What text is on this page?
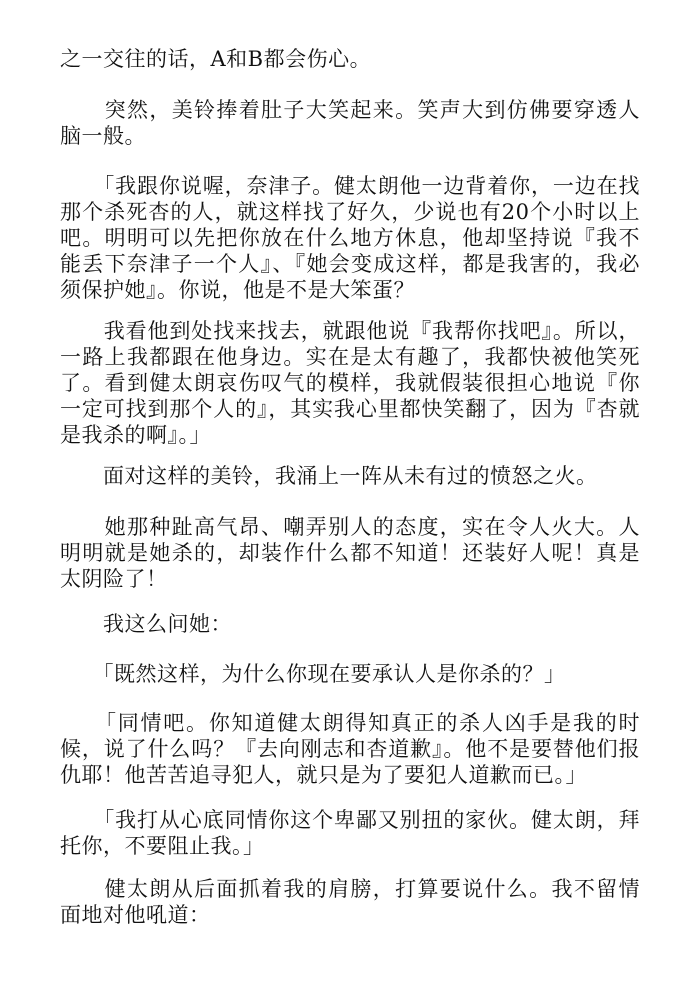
之一交往的话，A和B都会伤心。

　　突然，美铃捧着肚子大笑起来。笑声大到仿佛要穿透人脑一般。

　　「我跟你说喔，奈津子。健太朗他一边背着你，一边在找那个杀死杏的人，就这样找了好久，少说也有20个小时以上吧。明明可以先把你放在什么地方休息，他却坚持说『我不能丢下奈津子一个人』、『她会变成这样，都是我害的，我必须保护她』。你说，他是不是大笨蛋？

　　我看他到处找来找去，就跟他说『我帮你找吧』。所以，一路上我都跟在他身边。实在是太有趣了，我都快被他笑死了。看到健太朗哀伤叹气的模样，我就假装很担心地说『你一定可找到那个人的』，其实我心里都快笑翻了，因为『杏就是我杀的啊』。」

　　面对这样的美铃，我涌上一阵从未有过的愤怒之火。

　　她那种趾高气昂、嘲弄别人的态度，实在令人火大。人明明就是她杀的，却装作什么都不知道！还装好人呢！真是太阴险了！

　　我这么问她：

　　「既然这样，为什么你现在要承认人是你杀的？」

　　「同情吧。你知道健太朗得知真正的杀人凶手是我的时候，说了什么吗？『去向刚志和杏道歉』。他不是要替他们报仇耶！他苦苦追寻犯人，就只是为了要犯人道歉而已。」

　　「我打从心底同情你这个卑鄙又别扭的家伙。健太朗，拜托你，不要阻止我。」

　　健太朗从后面抓着我的肩膀，打算要说什么。我不留情面地对他吼道：
